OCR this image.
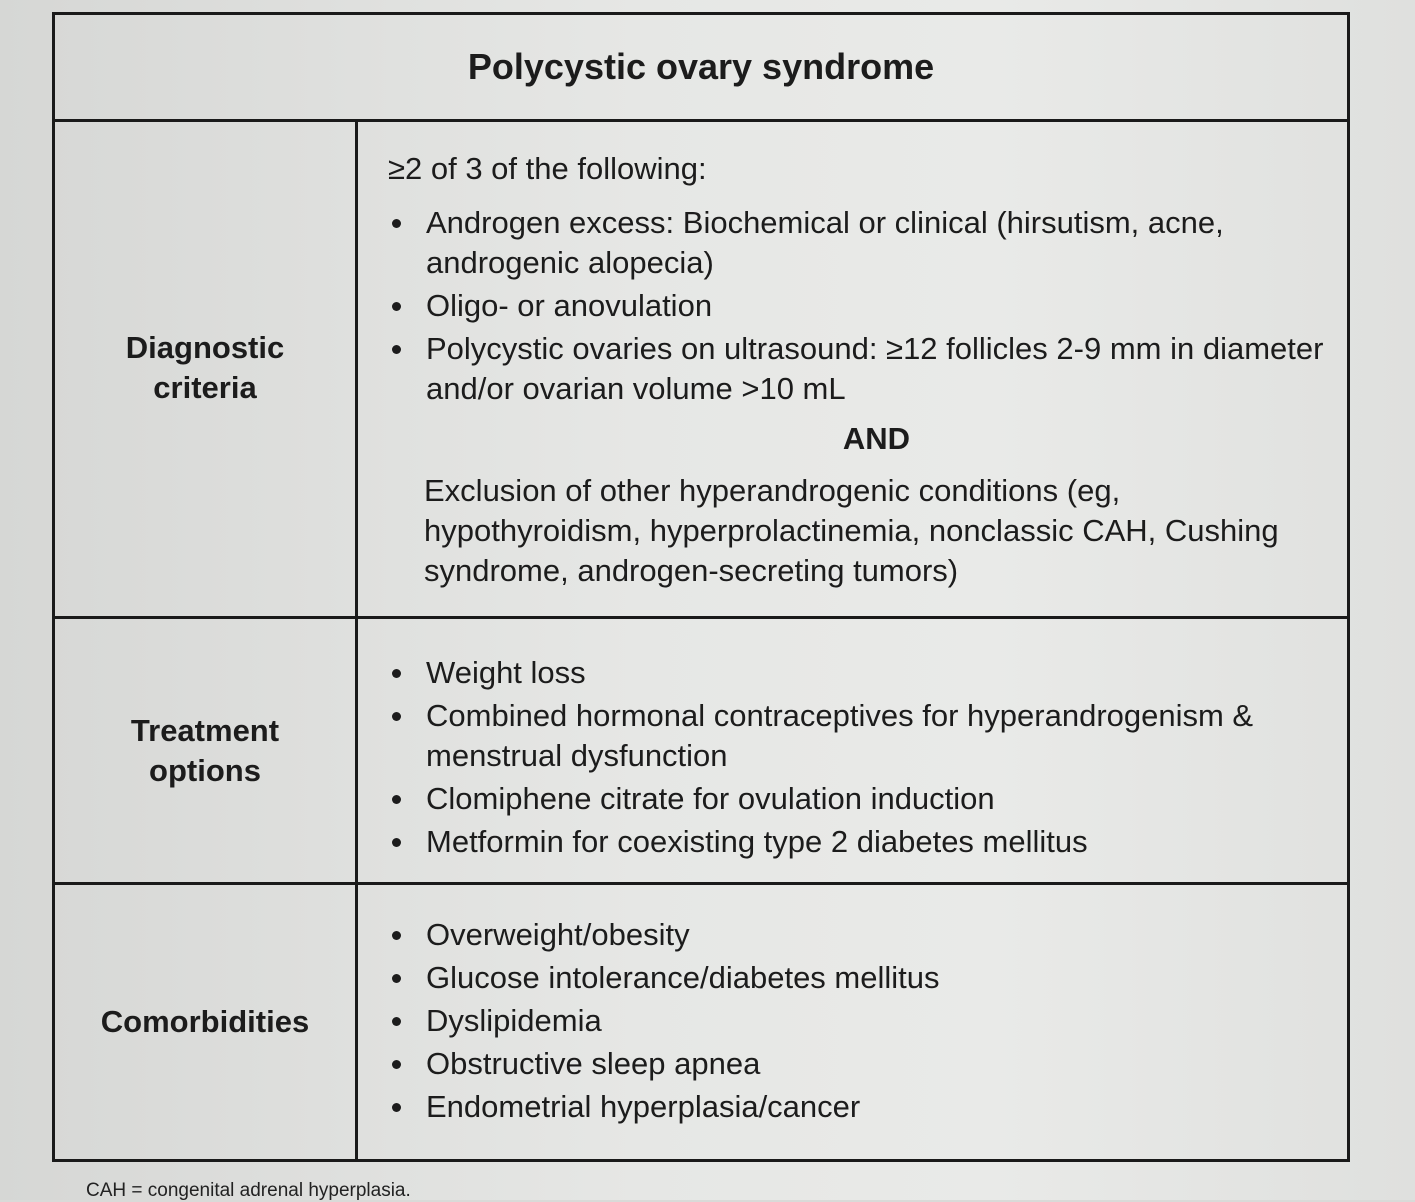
Polycystic ovary syndrome
Diagnostic
criteria

≥2 of 3 of the following:

Androgen excess: Biochemical or clinical (hirsutism, acne, androgenic alopecia)
Oligo- or anovulation
Polycystic ovaries on ultrasound: ≥12 follicles 2-9 mm in diameter and/or ovarian volume >10 mL
AND

Exclusion of other hyperandrogenic conditions (eg, hypothyroidism, hyperprolactinemia, nonclassic CAH, Cushing syndrome, androgen-secreting tumors)

Treatment
options
Weight loss
Combined hormonal contraceptives for hyperandrogenism & menstrual dysfunction
Clomiphene citrate for ovulation induction
Metformin for coexisting type 2 diabetes mellitus
Comorbidities
Overweight/obesity
Glucose intolerance/diabetes mellitus
Dyslipidemia
Obstructive sleep apnea
Endometrial hyperplasia/cancer
CAH = congenital adrenal hyperplasia.
